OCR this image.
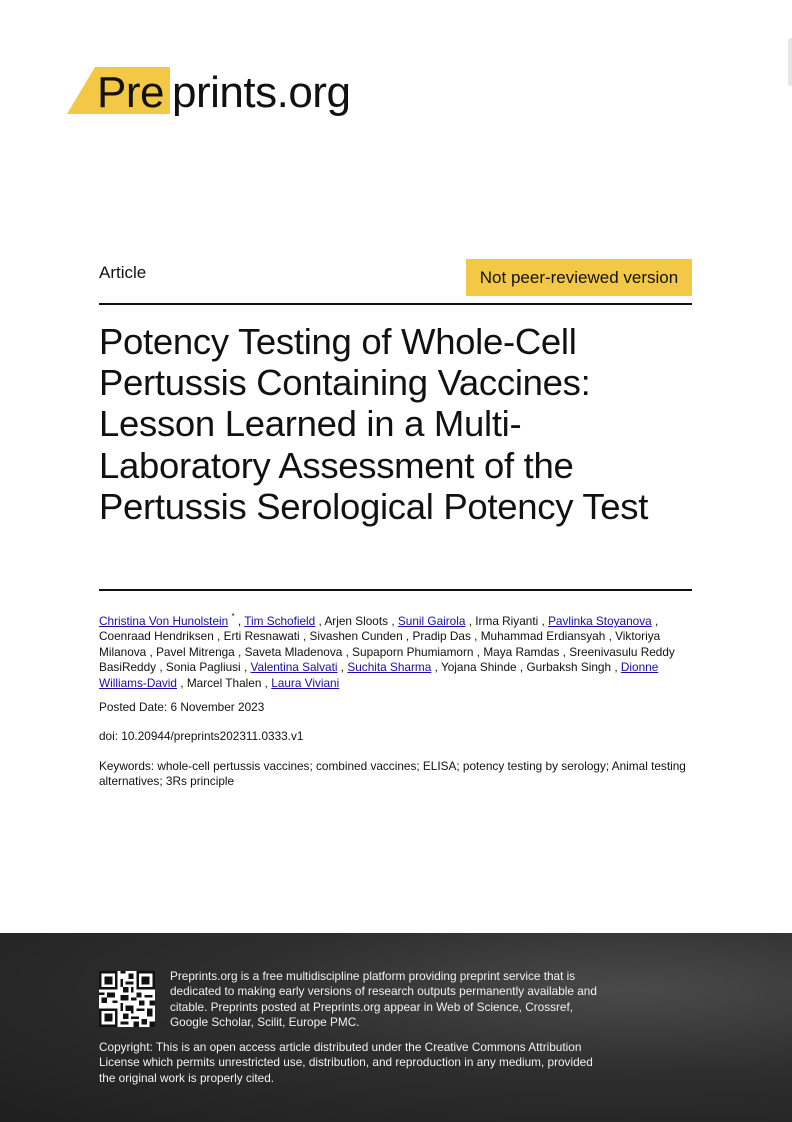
Pre prints.org
Article	Not peer-reviewed version
Potency Testing of Whole-Cell
Pertussis Containing Vaccines:
Lesson Learned in a Multi-
Laboratory Assessment of the
Pertussis Serological Potency Test
Christina Von Hunolstein * , Tim Schofield , Arjen Sloots , Sunil Gairola , Irma Riyanti , Pavlinka Stoyanova , Coenraad Hendriksen , Erti Resnawati , Sivashen Cunden , Pradip Das , Muhammad Erdiansyah , Viktoriya Milanova , Pavel Mitrenga , Saveta Mladenova , Supaporn Phumiamorn , Maya Ramdas , Sreenivasulu Reddy BasiReddy , Sonia Pagliusi , Valentina Salvati , Suchita Sharma , Yojana Shinde , Gurbaksh Singh , Dionne Williams-David , Marcel Thalen , Laura Viviani
Posted Date: 6 November 2023
doi: 10.20944/preprints202311.0333.v1
Keywords: whole-cell pertussis vaccines; combined vaccines; ELISA; potency testing by serology; Animal testing alternatives; 3Rs principle
Preprints.org is a free multidiscipline platform providing preprint service that is dedicated to making early versions of research outputs permanently available and citable. Preprints posted at Preprints.org appear in Web of Science, Crossref, Google Scholar, Scilit, Europe PMC.
Copyright: This is an open access article distributed under the Creative Commons Attribution License which permits unrestricted use, distribution, and reproduction in any medium, provided the original work is properly cited.
